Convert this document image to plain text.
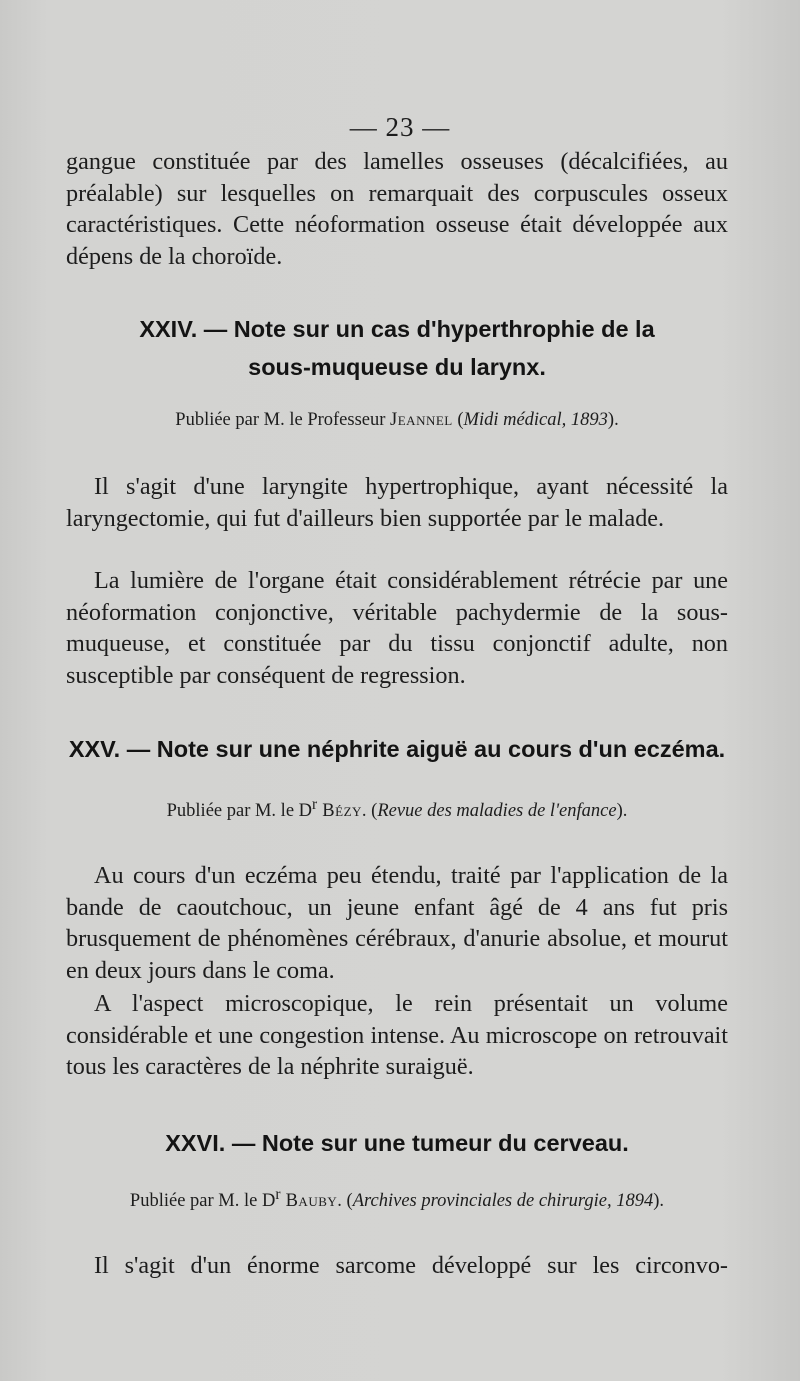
— 23 —

gangue constituée par des lamelles osseuses (décalcifiées, au préalable) sur lesquelles on remarquait des corpuscules osseux caractéristiques. Cette néoformation osseuse était développée aux dépens de la choroïde.

XXIV. — Note sur un cas d'hyperthrophie de la
sous-muqueuse du larynx.

Publiée par M. le Professeur Jeannel (Midi médical, 1893).

Il s'agit d'une laryngite hypertrophique, ayant nécessité la laryngectomie, qui fut d'ailleurs bien supportée par le malade.

La lumière de l'organe était considérablement rétrécie par une néoformation conjonctive, véritable pachydermie de la sous-muqueuse, et constituée par du tissu conjonctif adulte, non susceptible par conséquent de regression.

XXV. — Note sur une néphrite aiguë au cours d'un eczéma.

Publiée par M. le $D^r$ Bézy. (Revue des maladies de l'enfance).

Au cours d'un eczéma peu étendu, traité par l'application de la bande de caoutchouc, un jeune enfant âgé de 4 ans fut pris brusquement de phénomènes cérébraux, d'anurie absolue, et mourut en deux jours dans le coma.

A l'aspect microscopique, le rein présentait un volume considérable et une congestion intense. Au microscope on retrouvait tous les caractères de la néphrite suraiguë.

XXVI. — Note sur une tumeur du cerveau.

Publiée par M. le $D^r$ Bauby. (Archives provinciales de chirurgie, 1894).

Il s'agit d'un énorme sarcome développé sur les circonvo-
